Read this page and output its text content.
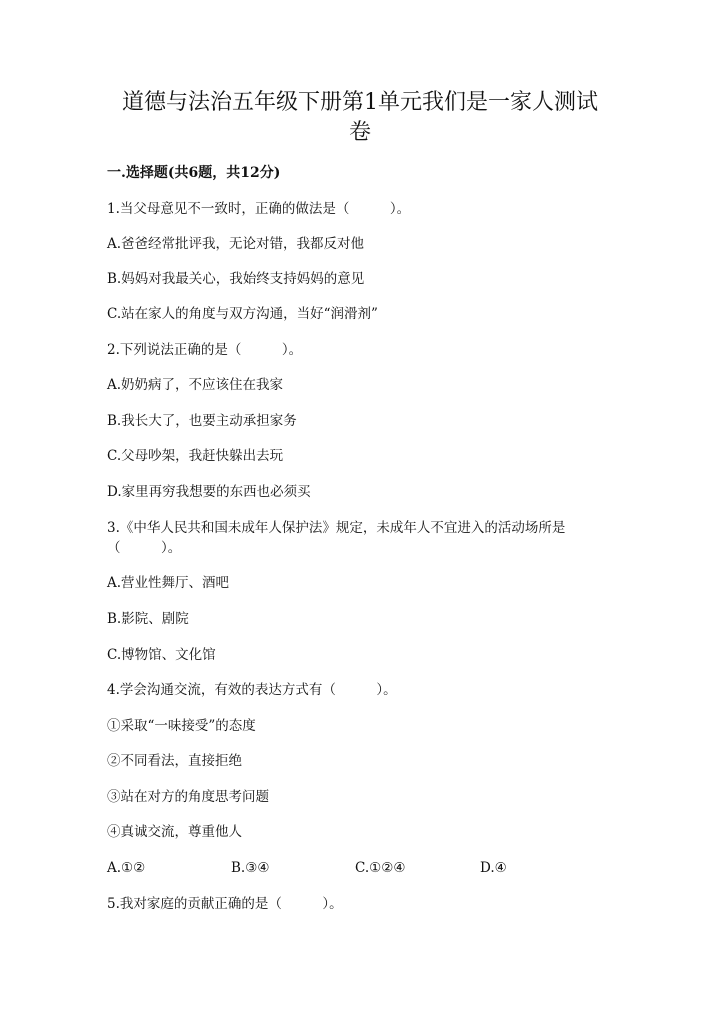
道德与法治五年级下册第1单元我们是一家人测试
卷
一.选择题(共6题，共12分)
1.当父母意见不一致时，正确的做法是（　　　）。
A.爸爸经常批评我，无论对错，我都反对他
B.妈妈对我最关心，我始终支持妈妈的意见
C.站在家人的角度与双方沟通，当好“润滑剂”
2.下列说法正确的是（　　　）。
A.奶奶病了，不应该住在我家
B.我长大了，也要主动承担家务
C.父母吵架，我赶快躲出去玩
D.家里再穷我想要的东西也必须买
3.《中华人民共和国未成年人保护法》规定，未成年人不宜进入的活动场所是
（　　　）。
A.营业性舞厅、酒吧
B.影院、剧院
C.博物馆、文化馆
4.学会沟通交流，有效的表达方式有（　　　）。
①采取“一味接受”的态度
②不同看法，直接拒绝
③站在对方的角度思考问题
④真诚交流，尊重他人
A.①②	B.③④	C.①②④	D.④
5.我对家庭的贡献正确的是（　　　）。
